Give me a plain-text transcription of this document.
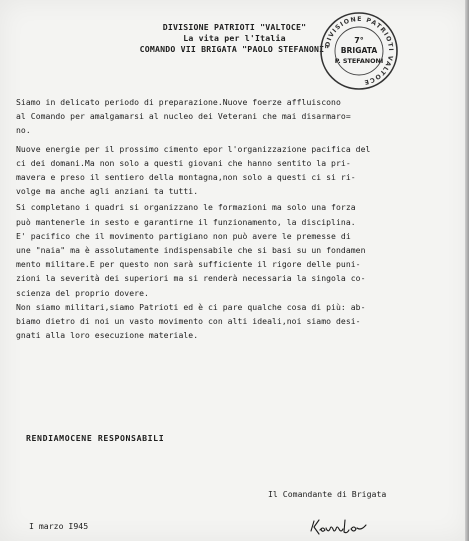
DIVISIONE PATRIOTI "VALTOCE"
La vita per l'Italia
COMANDO VII BRIGATA "PAOLO STEFANONI"
DIVISIONE PATRIOTI VALTOCE
7°
BRIGATA
P. STEFANONI

Siamo in delicato periodo di preparazione.Nuove foerze affluiscono
al Comando per amalgamarsi al nucleo dei Veterani che mai disarmaro=
no.

Nuove energie per il prossimo cimento epor l'organizzazione pacifica del
ci dei domani.Ma non solo a questi giovani che hanno sentito la pri-
mavera e preso il sentiero della montagna,non solo a questi ci si ri-
volge ma anche agli anziani ta tutti.

Si completano i quadri si organizzano le formazioni ma solo una forza
può mantenerle in sesto e garantirne il funzionamento, la disciplina.
E' pacifico che il movimento partigiano non può avere le premesse di
une "naia" ma è assolutamente indispensabile che si basi su un fondamen
mento militare.E per questo non sarà sufficiente il rigore delle puni-
zioni la severità dei superiori ma si renderà necessaria la singola co-
scienza del proprio dovere.

Non siamo militari,siamo Patrioti ed è ci pare qualche cosa di più: ab-
biamo dietro di noi un vasto movimento con alti ideali,noi siamo desi-
gnati alla loro esecuzione materiale.

RENDIAMOCENE RESPONSABILI
Il Comandante di Brigata
I marzo I945
